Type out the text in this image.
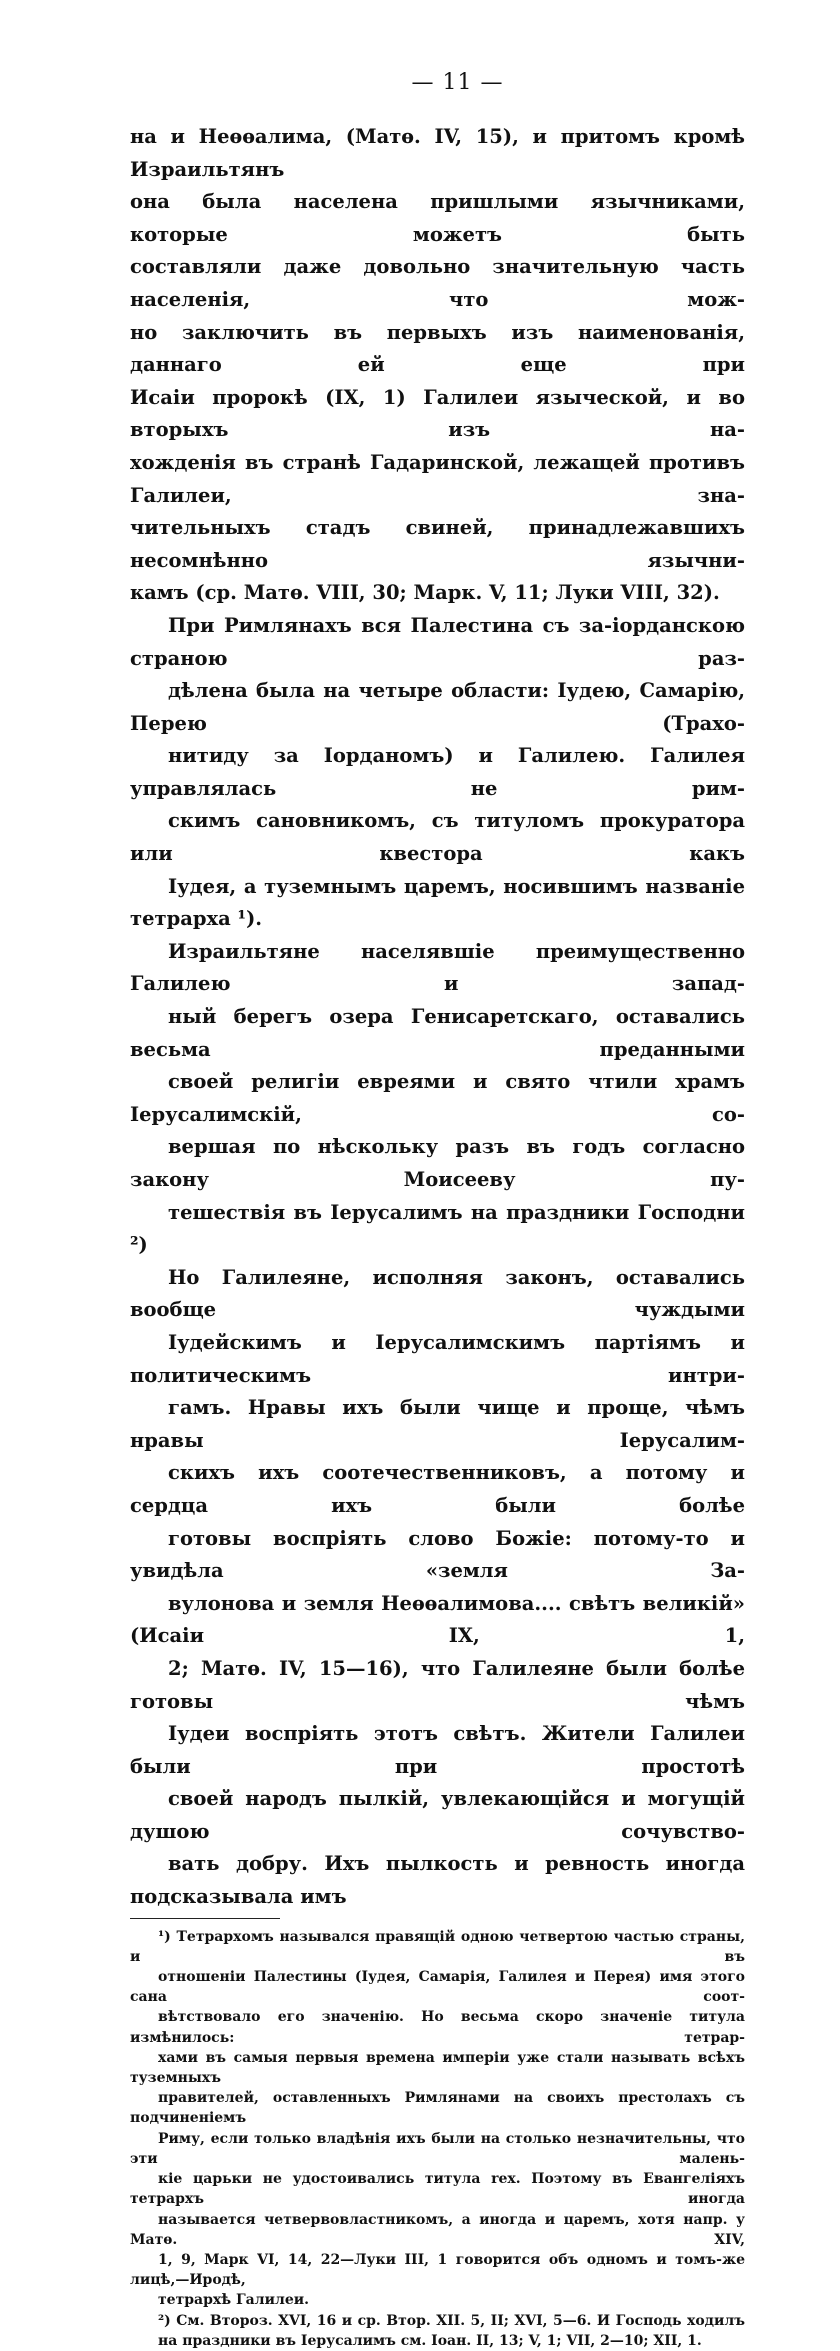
— 11 —

на и Неѳѳалима, (Матѳ. IV, 15), и притомъ кромѣ Израильтянъ
она была населена пришлыми язычниками, которые можетъ быть
составляли даже довольно значительную часть населенія, что мож-
но заключить въ первыхъ изъ наименованія, даннаго ей еще при
Исаіи пророкѣ (IX, 1) Галилеи языческой, и во вторыхъ изъ на-
хожденія въ странѣ Гадаринской, лежащей противъ Галилеи, зна-
чительныхъ стадъ свиней, принадлежавшихъ несомнѣнно язычни-
камъ (ср. Матѳ. VIII, 30; Марк. V, 11; Луки VIII, 32).

При Римлянахъ вся Палестина съ за-іорданскою страною раз-
дѣлена была на четыре области: Іудею, Самарію, Перею (Трахо-
нитиду за Іорданомъ) и Галилею. Галилея управлялась не рим-
скимъ сановникомъ, съ титуломъ прокуратора или квестора какъ
Іудея, а туземнымъ царемъ, носившимъ названіе тетрарха ¹).

Израильтяне населявшіе преимущественно Галилею и запад-
ный берегъ озера Генисаретскаго, оставались весьма преданными
своей религіи евреями и свято чтили храмъ Іерусалимскій, со-
вершая по нѣскольку разъ въ годъ согласно закону Моисееву пу-
тешествія въ Іерусалимъ на праздники Господни ²)

Но Галилеяне, исполняя законъ, оставались вообще чуждыми
Іудейскимъ и Іерусалимскимъ партіямъ и политическимъ интри-
гамъ. Нравы ихъ были чище и проще, чѣмъ нравы Іерусалим-
скихъ ихъ соотечественниковъ, а потому и сердца ихъ были болѣе
готовы воспріять слово Божіе: потому-то и увидѣла «земля За-
вулонова и земля Неѳѳалимова.... свѣтъ великій» (Исаіи IX, 1,
2; Матѳ. IV, 15—16), что Галилеяне были болѣе готовы чѣмъ
Іудеи воспріять этотъ свѣтъ. Жители Галилеи были при простотѣ
своей народъ пылкій, увлекающійся и могущій душою сочувство-
вать добру. Ихъ пылкость и ревность иногда подсказывала имъ

¹) Тетрархомъ назывался правящій одною четвертою частью страны, и въ
отношеніи Палестины (Іудея, Самарія, Галилея и Перея) имя этого сана соот-
вѣтствовало его значенію. Но весьма скоро значеніе титула измѣнилось: тетрар-
хами въ самыя первыя времена имперіи уже стали называть всѣхъ туземныхъ
правителей, оставленныхъ Римлянами на своихъ престолахъ съ подчиненіемъ
Риму, если только владѣнія ихъ были на столько незначительны, что эти малень-
кіе царьки не удостоивались титула rex. Поэтому въ Евангеліяхъ тетрархъ иногда
называется четвервовластникомъ, а иногда и царемъ, хотя напр. у Матѳ. XIV,
1, 9, Марк VI, 14, 22—Луки III, 1 говорится объ одномъ и томъ-же лицѣ,—Иродѣ,
тетрархѣ Галилеи.

²) См. Второз. XVI, 16 и ср. Втор. XII. 5, II; XVI, 5—6. И Господь ходилъ
на праздники въ Іерусалимъ см. Іоан. II, 13; V, 1; VII, 2—10; XII, 1.
